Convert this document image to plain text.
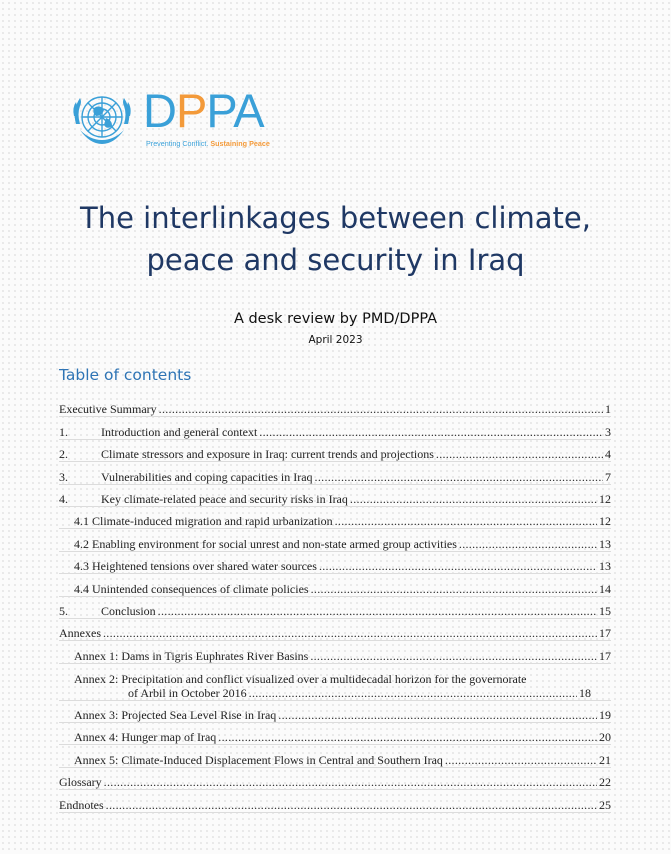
DPPA
Preventing Conflict. Sustaining Peace
The interlinkages between climate,
peace and security in Iraq
A desk review by PMD/DPPA
April 2023
Table of contents
Executive Summary .....	1
1.	Introduction and general context .....	3
2.	Climate stressors and exposure in Iraq: current trends and projections .....	4
3.	Vulnerabilities and coping capacities in Iraq .....	7
4.	Key climate-related peace and security risks in Iraq .....	12
4.1 Climate-induced migration and rapid urbanization .....	12
4.2 Enabling environment for social unrest and non-state armed group activities .....	13
4.3 Heightened tensions over shared water sources .....	13
4.4 Unintended consequences of climate policies .....	14
5.	Conclusion .....	15
Annexes .....	17
Annex 1: Dams in Tigris Euphrates River Basins .....	17
Annex 2: Precipitation and conflict visualized over a multidecadal horizon for the governorate
of Arbil in October 2016 .....	18
Annex 3: Projected Sea Level Rise in Iraq .....	19
Annex 4: Hunger map of Iraq .....	20
Annex 5: Climate-Induced Displacement Flows in Central and Southern Iraq .....	21
Glossary .....	22
Endnotes .....	25
